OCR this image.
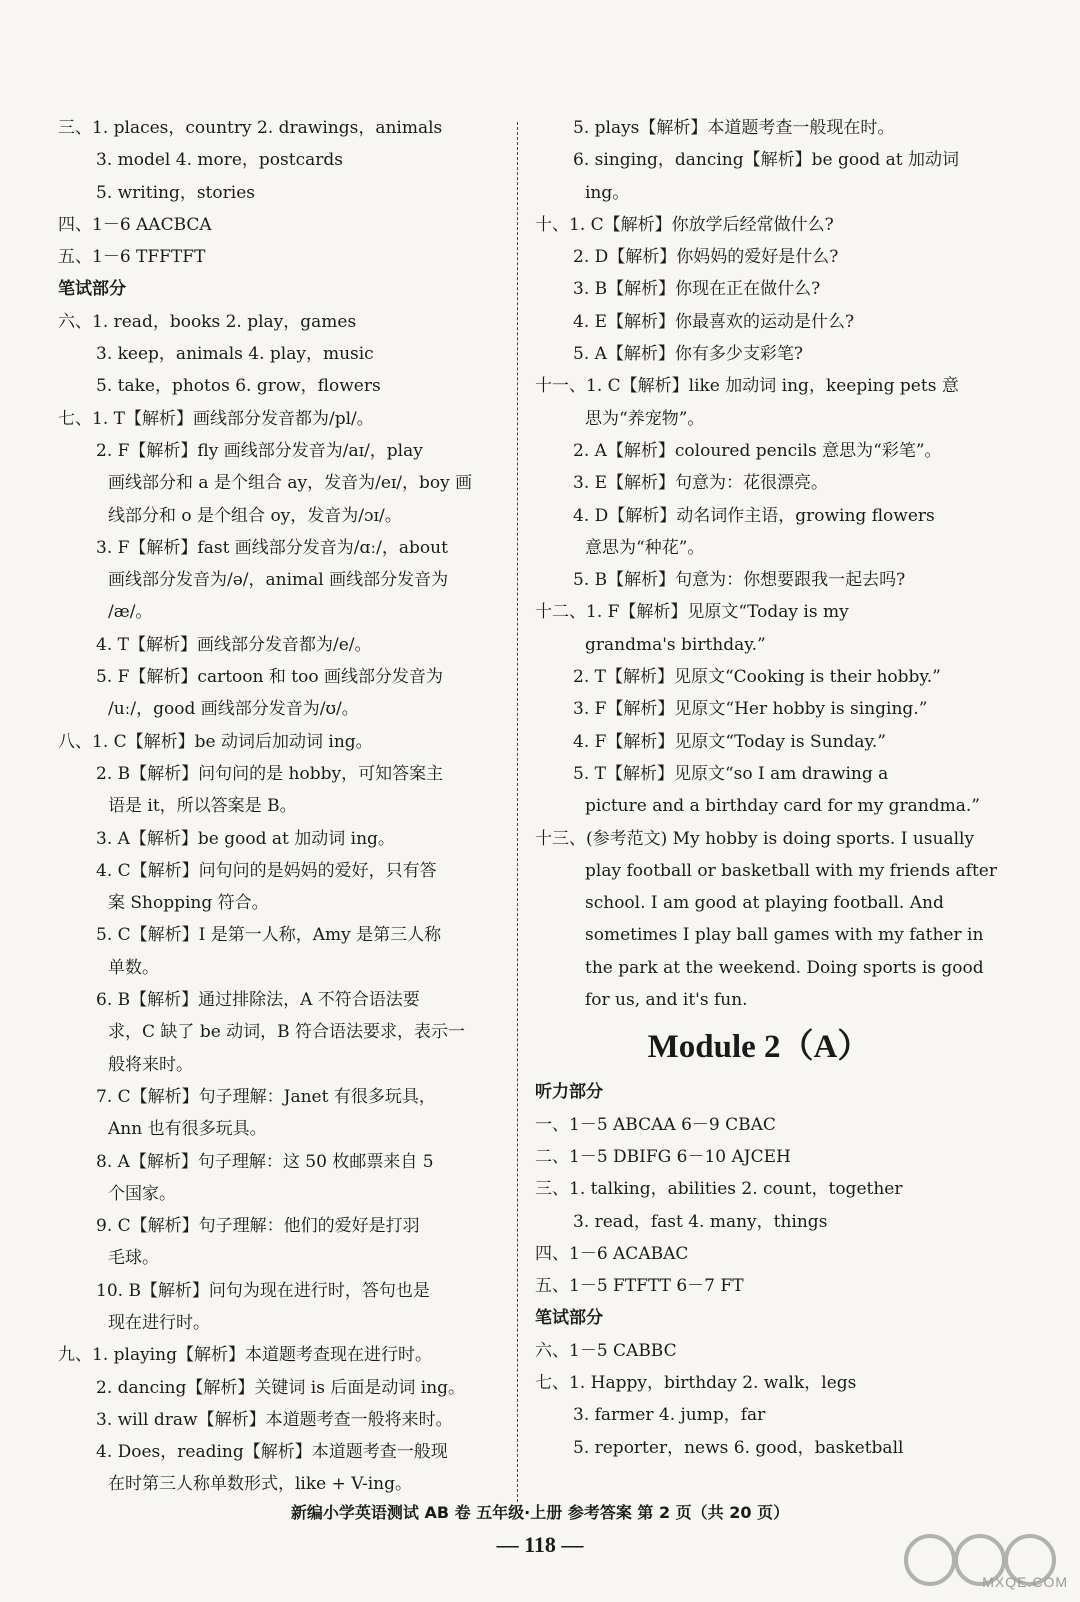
三、1. places，country 2. drawings，animals
3. model 4. more，postcards
5. writing，stories
四、1－6 AACBCA
五、1－6 TFFTFT
笔试部分
六、1. read，books 2. play，games
3. keep，animals 4. play，music
5. take，photos 6. grow，flowers
七、1. T【解析】画线部分发音都为/pl/。
2. F【解析】fly 画线部分发音为/aɪ/，play
画线部分和 a 是个组合 ay，发音为/eɪ/，boy 画
线部分和 o 是个组合 oy，发音为/ɔɪ/。
3. F【解析】fast 画线部分发音为/ɑː/，about
画线部分发音为/ə/，animal 画线部分发音为
/æ/。
4. T【解析】画线部分发音都为/e/。
5. F【解析】cartoon 和 too 画线部分发音为
/uː/，good 画线部分发音为/ʊ/。
八、1. C【解析】be 动词后加动词 ing。
2. B【解析】问句问的是 hobby，可知答案主
语是 it，所以答案是 B。
3. A【解析】be good at 加动词 ing。
4. C【解析】问句问的是妈妈的爱好，只有答
案 Shopping 符合。
5. C【解析】I 是第一人称，Amy 是第三人称
单数。
6. B【解析】通过排除法，A 不符合语法要
求，C 缺了 be 动词，B 符合语法要求，表示一
般将来时。
7. C【解析】句子理解：Janet 有很多玩具，
Ann 也有很多玩具。
8. A【解析】句子理解：这 50 枚邮票来自 5
个国家。
9. C【解析】句子理解：他们的爱好是打羽
毛球。
10. B【解析】问句为现在进行时，答句也是
现在进行时。
九、1. playing【解析】本道题考查现在进行时。
2. dancing【解析】关键词 is 后面是动词 ing。
3. will draw【解析】本道题考查一般将来时。
4. Does，reading【解析】本道题考查一般现
在时第三人称单数形式，like + V-ing。
5. plays【解析】本道题考查一般现在时。
6. singing，dancing【解析】be good at 加动词
ing。
十、1. C【解析】你放学后经常做什么?
2. D【解析】你妈妈的爱好是什么?
3. B【解析】你现在正在做什么?
4. E【解析】你最喜欢的运动是什么?
5. A【解析】你有多少支彩笔?
十一、1. C【解析】like 加动词 ing，keeping pets 意
思为“养宠物”。
2. A【解析】coloured pencils 意思为“彩笔”。
3. E【解析】句意为：花很漂亮。
4. D【解析】动名词作主语，growing flowers
意思为“种花”。
5. B【解析】句意为：你想要跟我一起去吗?
十二、1. F【解析】见原文“Today is my
grandma's birthday.”
2. T【解析】见原文“Cooking is their hobby.”
3. F【解析】见原文“Her hobby is singing.”
4. F【解析】见原文“Today is Sunday.”
5. T【解析】见原文“so I am drawing a
picture and a birthday card for my grandma.”
十三、(参考范文) My hobby is doing sports. I usually
play football or basketball with my friends after
school. I am good at playing football. And
sometimes I play ball games with my father in
the park at the weekend. Doing sports is good
for us, and it's fun.
Module 2（A）
听力部分
一、1－5 ABCAA 6－9 CBAC
二、1－5 DBIFG 6－10 AJCEH
三、1. talking，abilities 2. count，together
3. read，fast 4. many，things
四、1－6 ACABAC
五、1－5 FTFTT 6－7 FT
笔试部分
六、1－5 CABBC
七、1. Happy，birthday 2. walk，legs
3. farmer 4. jump，far
5. reporter，news 6. good，basketball
新编小学英语测试 AB 卷 五年级·上册 参考答案 第 2 页（共 20 页）
— 118 —
MXQE.COM
